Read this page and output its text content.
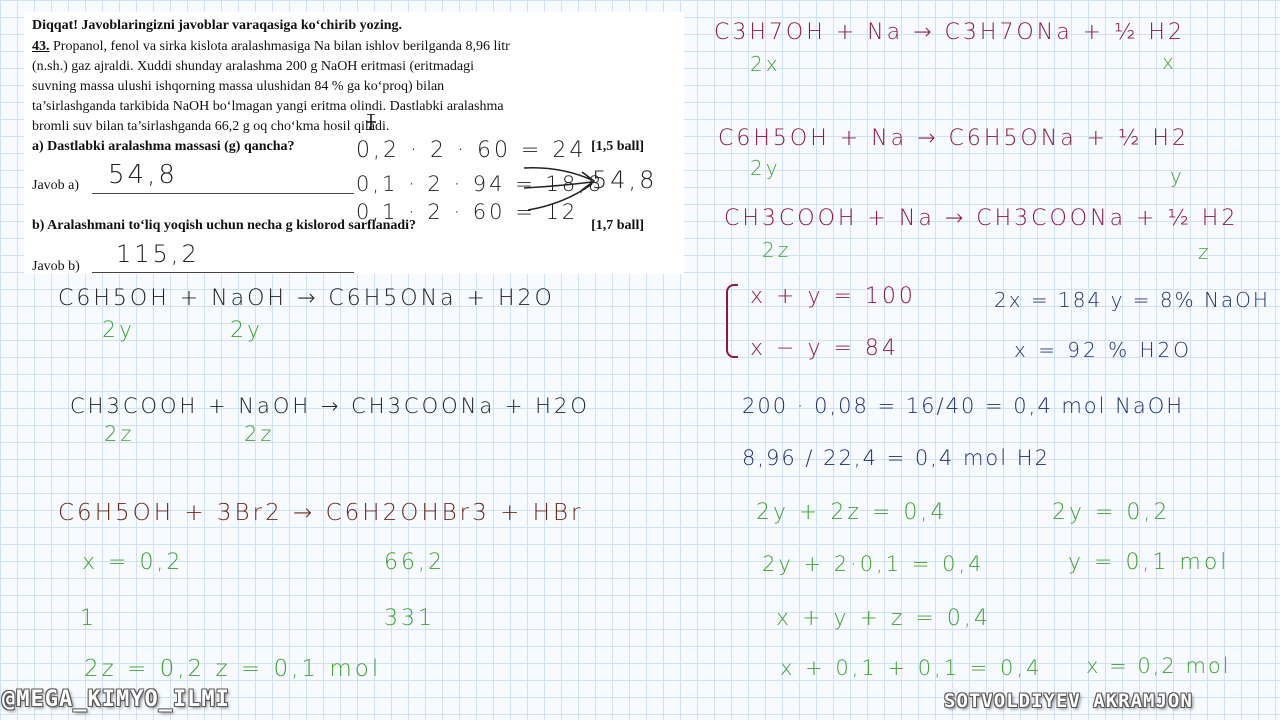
Diqqat! Javoblaringizni javoblar varaqasiga ko‘chirib yozing.
43. Propanol, fenol va sirka kislota aralashmasiga Na bilan ishlov berilganda 8,96 litr
(n.sh.) gaz ajraldi. Xuddi shunday aralashma 200 g NaOH eritmasi (eritmadagi
suvning massa ulushi ishqorning massa ulushidan 84 % ga ko‘proq) bilan
ta’sirlashganda tarkibida NaOH bo‘lmagan yangi eritma olindi. Dastlabki aralashma
bromli suv bilan ta’sirlashganda 66,2 g oq cho‘kma hosil qiladi.
a) Dastlabki aralashma massasi (g) qancha?	[1,5 ball]
Javob a)
b) Aralashmani to‘liq yoqish uchun necha g kislorod sarflanadi?	[1,7 ball]
Javob b)
54,8
115,2
0,2 · 2 · 60 = 24
0,1 · 2 · 94 = 18,8
0,1 · 2 · 60 = 12
54,8
C6H5OH + NaOH → C6H5ONa + H2O
2y	2y
CH3COOH + NaOH → CH3COONa + H2O
2z	2z
C6H5OH + 3Br2 → C6H2OHBr3 + HBr
x = 0,2	66,2
1	331
2z = 0,2 z = 0,1 mol
C3H7OH + Na → C3H7ONa + ½ H2
2x	x
C6H5OH + Na → C6H5ONa + ½ H2
2y	y
CH3COOH + Na → CH3COONa + ½ H2
2z	z
x + y = 100
x − y = 84
2x = 184 y = 8% NaOH
x = 92 % H2O
200 · 0,08 = 16/40 = 0,4 mol NaOH
8,96 / 22,4 = 0,4 mol H2
2y + 2z = 0,4	2y = 0,2
2y + 2·0,1 = 0,4	y = 0,1 mol
x + y + z = 0,4
x + 0,1 + 0,1 = 0,4 x = 0,2 mol
@MEGA_KIMYO_ILMI	SOTVOLDIYEV AKRAMJON
